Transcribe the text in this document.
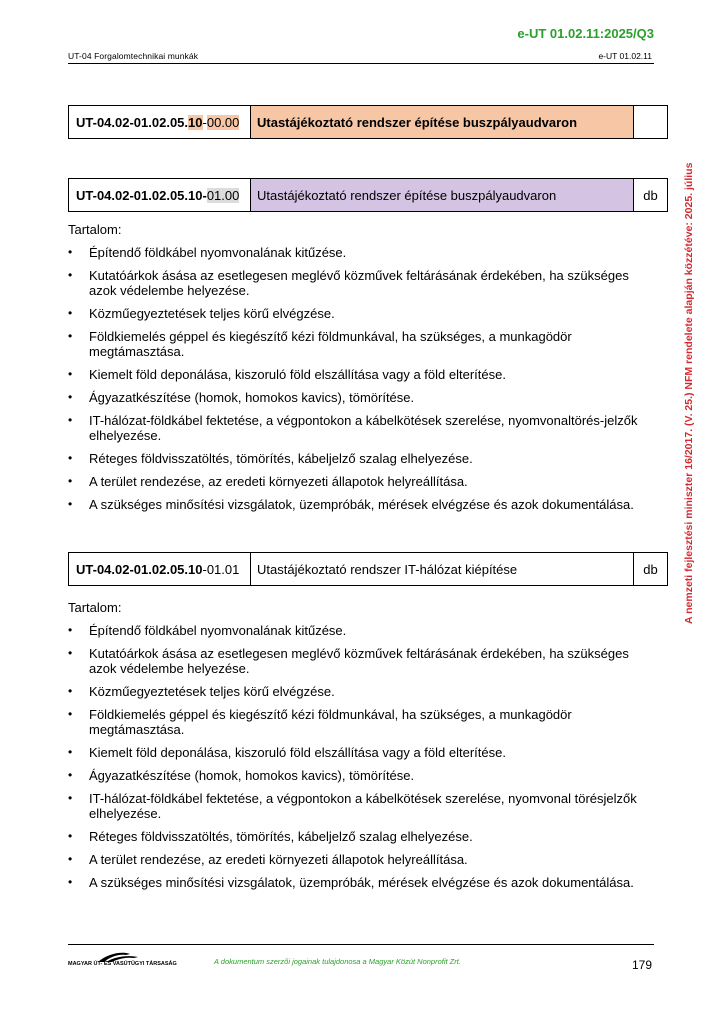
e-UT 01.02.11:2025/Q3
UT-04 Forgalomtechnikai munkák	e-UT 01.02.11
A nemzeti fejlesztési miniszter 16/2017. (V. 25.) NFM rendelete alapján közzétéve: 2025. július
UT-04.02-01.02.05. 10 - 00.00	Utastájékoztató rendszer építése buszpályaudvaron
UT-04.02-01.02.05.10- 01.00	Utastájékoztató rendszer építése buszpályaudvaron	db
Tartalom:
• Építendő földkábel nyomvonalának kitűzése.
• Kutatóárkok ásása az esetlegesen meglévő közművek feltárásának érdekében, ha szükséges azok védelembe helyezése.
• Közműegyeztetések teljes körű elvégzése.
• Földkiemelés géppel és kiegészítő kézi földmunkával, ha szükséges, a munkagödör megtámasztása.
• Kiemelt föld deponálása, kiszoruló föld elszállítása vagy a föld elterítése.
• Ágyazatkészítése (homok, homokos kavics), tömörítése.
• IT-hálózat-földkábel fektetése, a végpontokon a kábelkötések szerelése, nyomvonaltörés-jelzők elhelyezése.
• Réteges földvisszatöltés, tömörítés, kábeljelző szalag elhelyezése.
• A terület rendezése, az eredeti környezeti állapotok helyreállítása.
• A szükséges minősítési vizsgálatok, üzempróbák, mérések elvégzése és azok dokumentálása.
UT-04.02-01.02.05.10 -01.01	Utastájékoztató rendszer IT-hálózat kiépítése	db
Tartalom:
• Építendő földkábel nyomvonalának kitűzése.
• Kutatóárkok ásása az esetlegesen meglévő közművek feltárásának érdekében, ha szükséges azok védelembe helyezése.
• Közműegyeztetések teljes körű elvégzése.
• Földkiemelés géppel és kiegészítő kézi földmunkával, ha szükséges, a munkagödör megtámasztása.
• Kiemelt föld deponálása, kiszoruló föld elszállítása vagy a föld elterítése.
• Ágyazatkészítése (homok, homokos kavics), tömörítése.
• IT-hálózat-földkábel fektetése, a végpontokon a kábelkötések szerelése, nyomvonal törésjelzők elhelyezése.
• Réteges földvisszatöltés, tömörítés, kábeljelző szalag elhelyezése.
• A terület rendezése, az eredeti környezeti állapotok helyreállítása.
• A szükséges minősítési vizsgálatok, üzempróbák, mérések elvégzése és azok dokumentálása.
MAGYAR ÚT- ÉS VASÚTÜGYI TÁRSASÁG	A dokumentum szerzői jogainak tulajdonosa a Magyar Közút Nonprofit Zrt.	179
